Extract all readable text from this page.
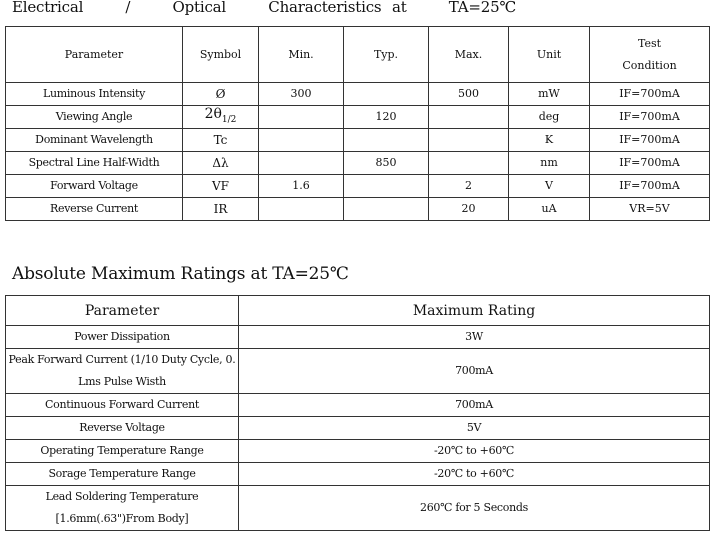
Electrical    /    Optical    Characteristics at    TA=25℃
Parameter	Symbol	Min.	Typ.	Max.	Unit	Test
Condition
Luminous Intensity	Ø	300		500	mW	IF=700mA
Viewing Angle	$2\theta_{1/2}$		120		deg	IF=700mA
Dominant Wavelength	Tc				K	IF=700mA
Spectral Line Half-Width	Δλ		850		nm	IF=700mA
Forward Voltage	VF	1.6		2	V	IF=700mA
Reverse Current	IR			20	uA	VR=5V
Absolute Maximum Ratings at TA=25℃
Parameter	Maximum Rating
Power Dissipation	3W
Peak Forward Current (1/10 Duty Cycle, 0.
Lms Pulse Wisth	700mA
Continuous Forward Current	700mA
Reverse Voltage	5V
Operating Temperature Range	-20℃ to +60℃
Sorage Temperature Range	-20℃ to +60℃
Lead Soldering Temperature
[1.6mm(.63")From Body]	260℃ for 5 Seconds
